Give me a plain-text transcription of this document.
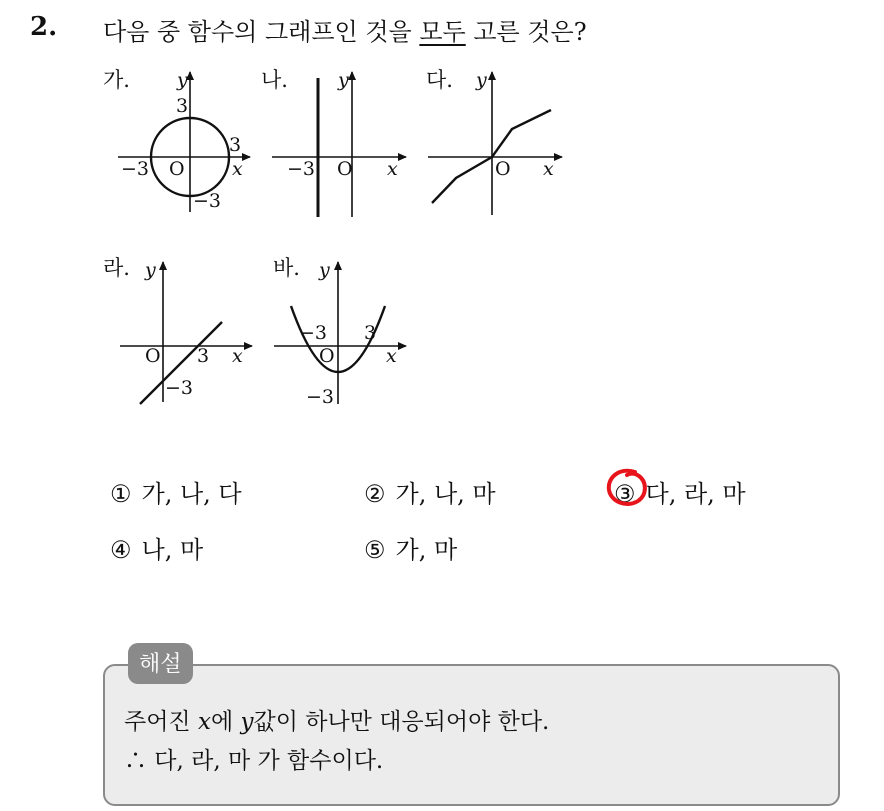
2. 다음 중 함수의 그래프인 것을 모두 고른 것은?
가. y
3
3
−3 O x
−3
나.	y
−3 O x
다. y
O x
라. y
O 3 x
−3
바. y
−3 3
O	x
−3
① 가, 나, 다	② 가, 나, 마	③ 다, 라, 마
④ 나, 마	⑤ 가, 마
해설
주어진 x에 y값이 하나만 대응되어야 한다.
∴ 다, 라, 마 가 함수이다.
